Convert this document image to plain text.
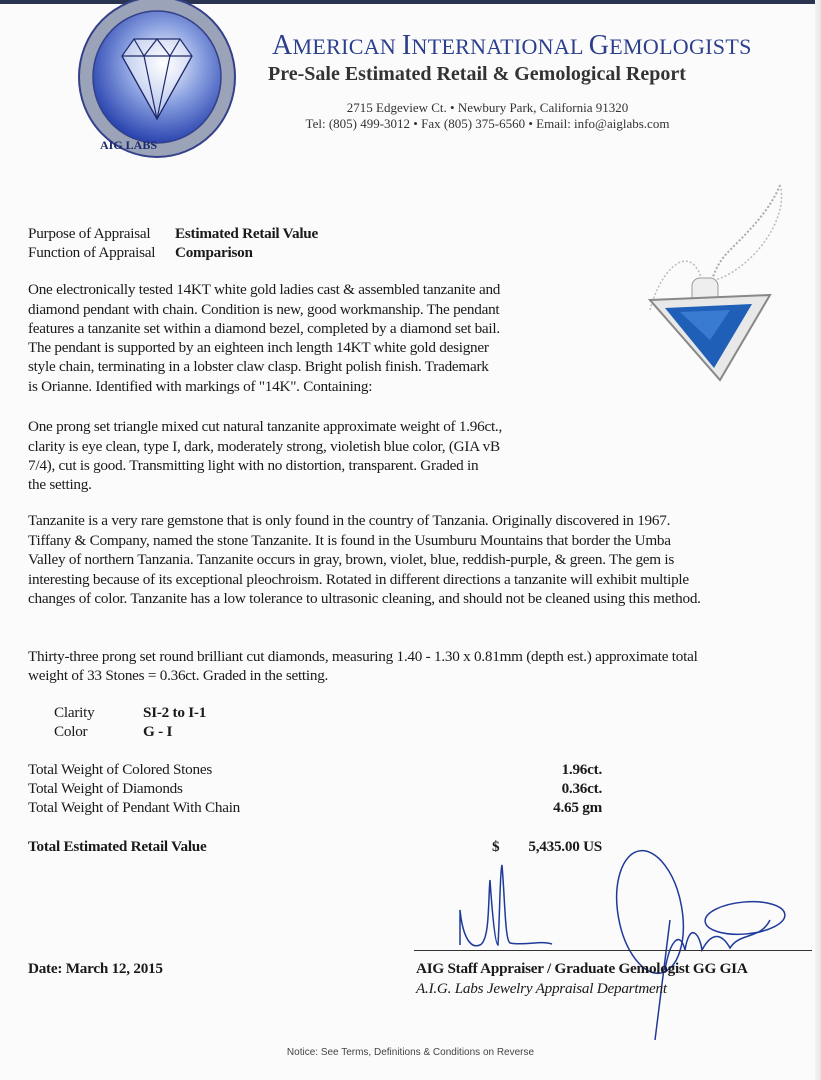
AIG LABS
AMERICAN INTERNATIONAL GEMOLOGISTS
Pre-Sale Estimated Retail & Gemological Report
2715 Edgeview Ct. • Newbury Park, California 91320
Tel: (805) 499-3012 • Fax (805) 375-6560 • Email: info@aiglabs.com
Purpose of Appraisal Estimated Retail Value
Function of Appraisal Comparison
One electronically tested 14KT white gold ladies cast & assembled tanzanite and
diamond pendant with chain. Condition is new, good workmanship. The pendant
features a tanzanite set within a diamond bezel, completed by a diamond set bail.
The pendant is supported by an eighteen inch length 14KT white gold designer
style chain, terminating in a lobster claw clasp. Bright polish finish. Trademark
is Orianne. Identified with markings of "14K". Containing:
One prong set triangle mixed cut natural tanzanite approximate weight of 1.96ct.,
clarity is eye clean, type I, dark, moderately strong, violetish blue color, (GIA vB
7/4), cut is good. Transmitting light with no distortion, transparent. Graded in
the setting.
Tanzanite is a very rare gemstone that is only found in the country of Tanzania. Originally discovered in 1967.
Tiffany & Company, named the stone Tanzanite. It is found in the Usumburu Mountains that border the Umba
Valley of northern Tanzania. Tanzanite occurs in gray, brown, violet, blue, reddish-purple, & green. The gem is
interesting because of its exceptional pleochroism. Rotated in different directions a tanzanite will exhibit multiple
changes of color. Tanzanite has a low tolerance to ultrasonic cleaning, and should not be cleaned using this method.
Thirty-three prong set round brilliant cut diamonds, measuring 1.40 - 1.30 x 0.81mm (depth est.) approximate total
weight of 33 Stones = 0.36ct. Graded in the setting.
Clarity	SI-2 to I-1
Color	G - I
Total Weight of Colored Stones	1.96ct.
Total Weight of Diamonds	0.36ct.
Total Weight of Pendant With Chain	4.65 gm
Total Estimated Retail Value	$ 5,435.00 US
Date: March 12, 2015	AIG Staff Appraiser / Graduate Gemologist GG GIA
A.I.G. Labs Jewelry Appraisal Department
Notice: See Terms, Definitions & Conditions on Reverse
